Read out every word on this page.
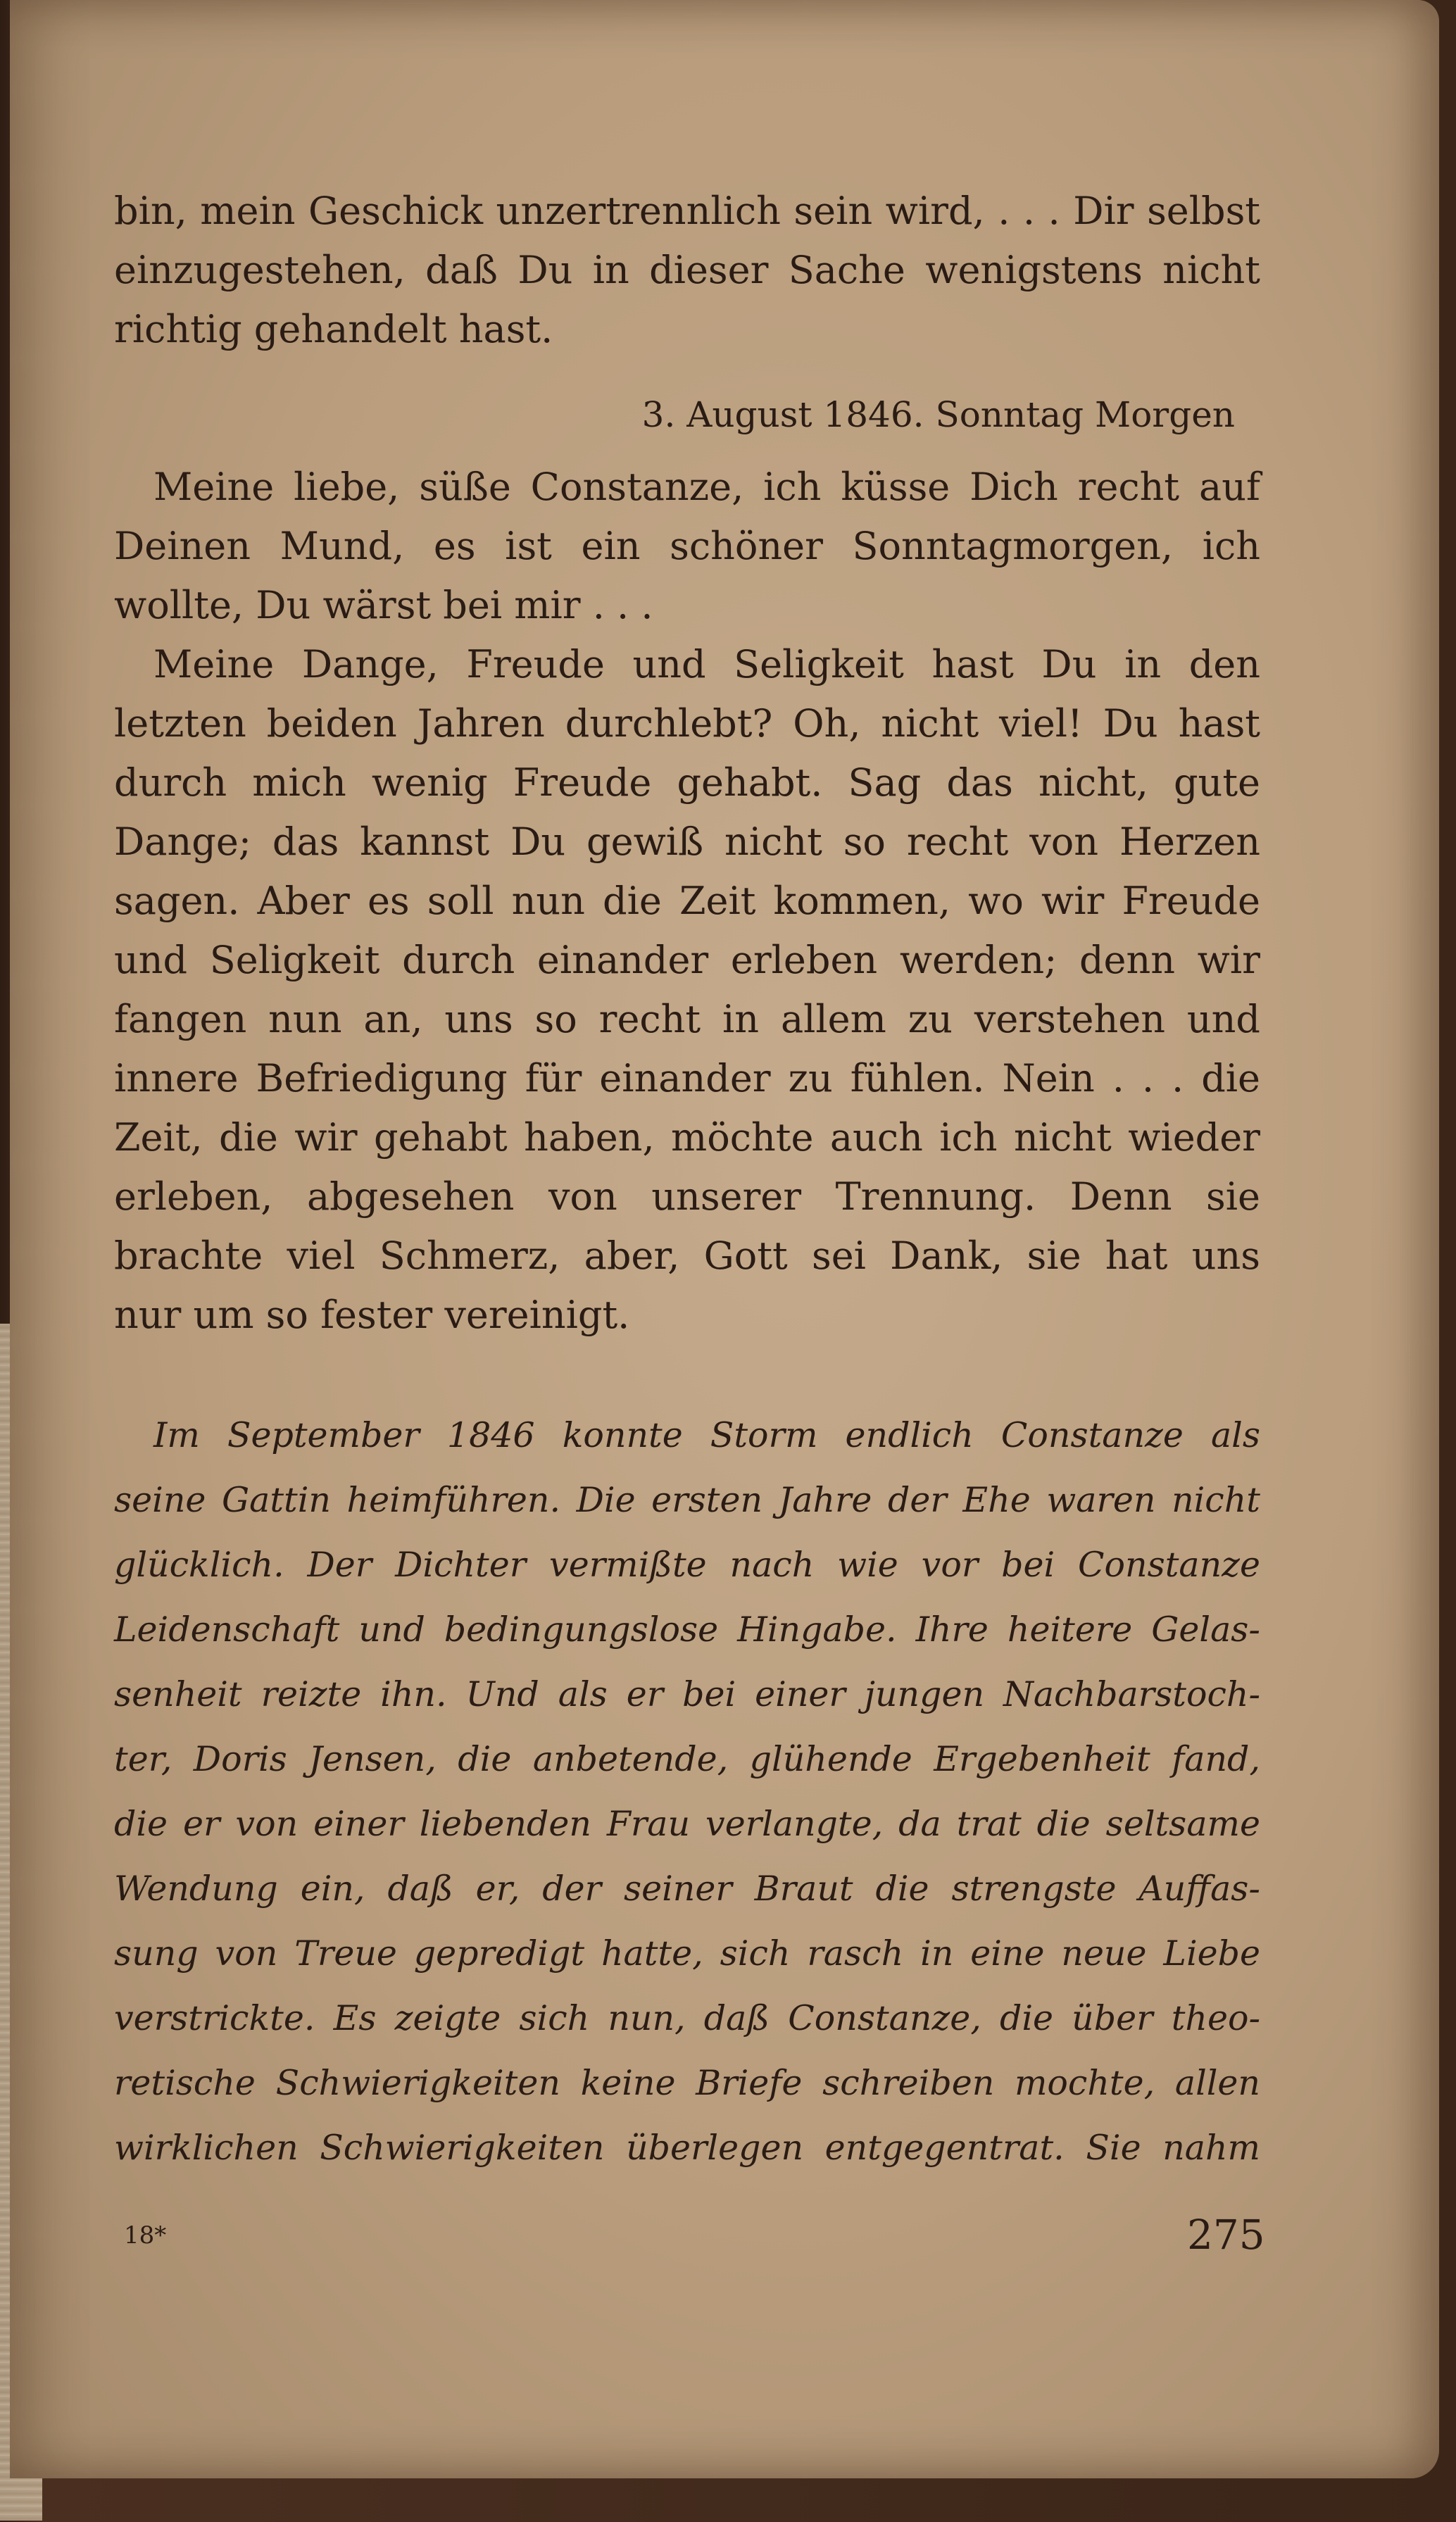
bin, mein Geschick unzertrennlich sein wird, . . . Dir selbst
einzugestehen, daß Du in dieser Sache wenigstens nicht
richtig gehandelt hast.
3. August 1846. Sonntag Morgen
Meine liebe, süße Constanze, ich küsse Dich recht auf
Deinen Mund, es ist ein schöner Sonntagmorgen, ich
wollte, Du wärst bei mir . . .
Meine Dange, Freude und Seligkeit hast Du in den
letzten beiden Jahren durchlebt? Oh, nicht viel! Du hast
durch mich wenig Freude gehabt. Sag das nicht, gute
Dange; das kannst Du gewiß nicht so recht von Herzen
sagen. Aber es soll nun die Zeit kommen, wo wir Freude
und Seligkeit durch einander erleben werden; denn wir
fangen nun an, uns so recht in allem zu verstehen und
innere Befriedigung für einander zu fühlen. Nein . . . die
Zeit, die wir gehabt haben, möchte auch ich nicht wieder
erleben, abgesehen von unserer Trennung. Denn sie
brachte viel Schmerz, aber, Gott sei Dank, sie hat uns
nur um so fester vereinigt.
Im September 1846 konnte Storm endlich Constanze als
seine Gattin heimführen. Die ersten Jahre der Ehe waren nicht
glücklich. Der Dichter vermißte nach wie vor bei Constanze
Leidenschaft und bedingungslose Hingabe. Ihre heitere Gelas-
senheit reizte ihn. Und als er bei einer jungen Nachbarstoch-
ter, Doris Jensen, die anbetende, glühende Ergebenheit fand,
die er von einer liebenden Frau verlangte, da trat die seltsame
Wendung ein, daß er, der seiner Braut die strengste Auffas-
sung von Treue gepredigt hatte, sich rasch in eine neue Liebe
verstrickte. Es zeigte sich nun, daß Constanze, die über theo-
retische Schwierigkeiten keine Briefe schreiben mochte, allen
wirklichen Schwierigkeiten überlegen entgegentrat. Sie nahm
18*	275
